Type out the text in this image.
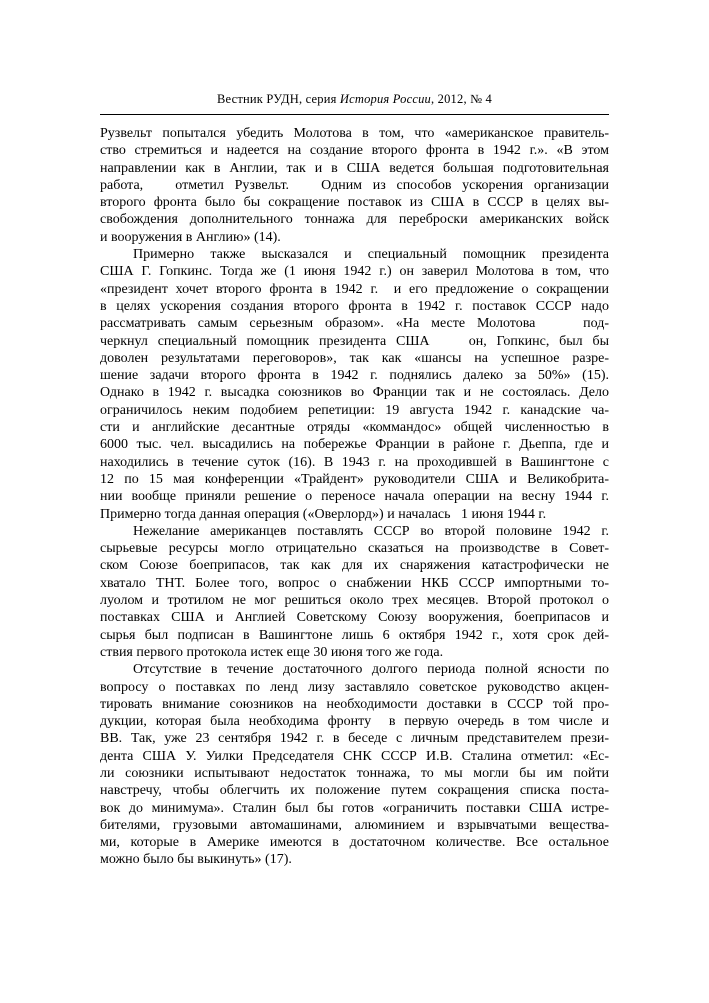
Вестник РУДН, серия История России, 2012, № 4
Рузвельт попытался убедить Молотова в том, что «американское правитель-
ство стремиться и надеется на создание второго фронта в 1942 г.». «В этом
направлении как в Англии, так и в США ведется большая подготовительная
работа,   отметил Рузвельт.   Одним из способов ускорения организации
второго фронта было бы сокращение поставок из США в СССР в целях вы-
свобождения дополнительного тоннажа для переброски американских войск
и вооружения в Англию» (14).
Примерно также высказался и специальный помощник президента
США Г. Гопкинс. Тогда же (1 июня 1942 г.) он заверил Молотова в том, что
«президент хочет второго фронта в 1942 г.  и его предложение о сокращении
в целях ускорения создания второго фронта в 1942 г. поставок СССР надо
рассматривать самым серьезным образом». «На месте Молотова    под-
черкнул специальный помощник президента США    он, Гопкинс, был бы
доволен результатами переговоров», так как «шансы на успешное разре-
шение задачи второго фронта в 1942 г. поднялись далеко за 50%» (15).
Однако в 1942 г. высадка союзников во Франции так и не состоялась. Дело
ограничилось неким подобием репетиции: 19 августа 1942 г. канадские ча-
сти и английские десантные отряды «коммандос» общей численностью в
6000 тыс. чел. высадились на побережье Франции в районе г. Дьеппа, где и
находились в течение суток (16). В 1943 г. на проходившей в Вашингтоне с
12 по 15 мая конференции «Трайдент» руководители США и Великобрита-
нии вообще приняли решение о переносе начала операции на весну 1944 г.
Примерно тогда данная операция («Оверлорд») и началась   1 июня 1944 г.
Нежелание американцев поставлять СССР во второй половине 1942 г.
сырьевые ресурсы могло отрицательно сказаться на производстве в Совет-
ском Союзе боеприпасов, так как для их снаряжения катастрофически не
хватало ТНТ. Более того, вопрос о снабжении НКБ СССР импортными то-
луолом и тротилом не мог решиться около трех месяцев. Второй протокол о
поставках США и Англией Советскому Союзу вооружения, боеприпасов и
сырья был подписан в Вашингтоне лишь 6 октября 1942 г., хотя срок дей-
ствия первого протокола истек еще 30 июня того же года.
Отсутствие в течение достаточного долгого периода полной ясности по
вопросу о поставках по ленд лизу заставляло советское руководство акцен-
тировать внимание союзников на необходимости доставки в СССР той про-
дукции, которая была необходима фронту  в первую очередь в том числе и
ВВ. Так, уже 23 сентября 1942 г. в беседе с личным представителем прези-
дента США У. Уилки Председателя СНК СССР И.В. Сталина отметил: «Ес-
ли союзники испытывают недостаток тоннажа, то мы могли бы им пойти
навстречу, чтобы облегчить их положение путем сокращения списка поста-
вок до минимума». Сталин был бы готов «ограничить поставки США истре-
бителями, грузовыми автомашинами, алюминием и взрывчатыми вещества-
ми, которые в Америке имеются в достаточном количестве. Все остальное
можно было бы выкинуть» (17).
